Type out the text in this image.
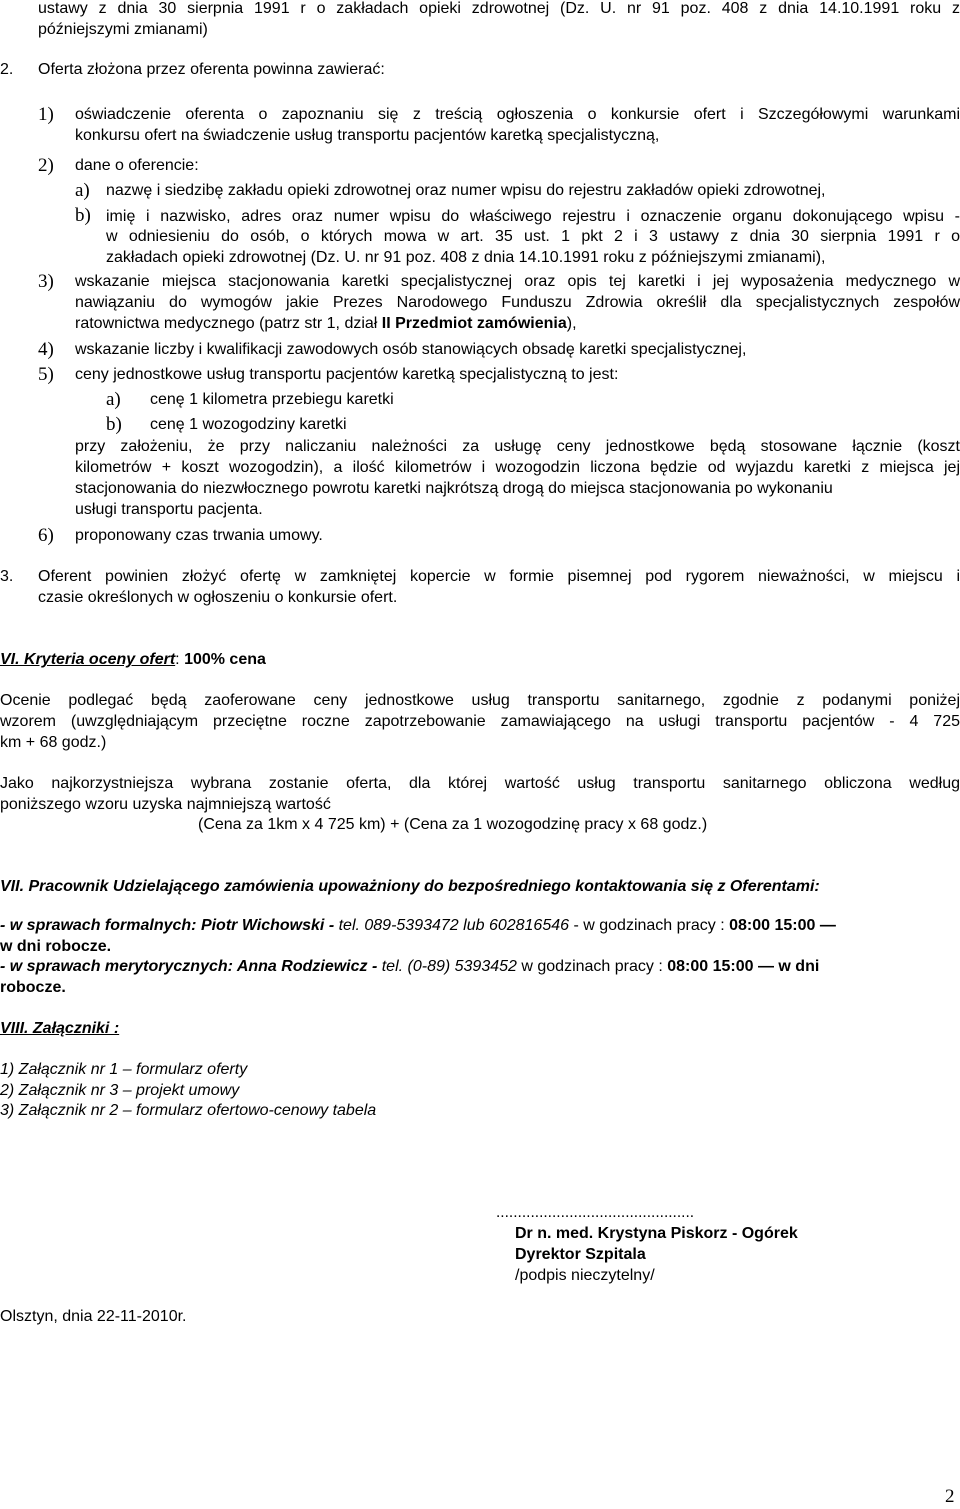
ustawy z dnia 30 sierpnia 1991 r o zakładach opieki zdrowotnej (Dz. U. nr 91 poz. 408 z dnia 14.10.1991 roku z
późniejszymi zmianami)
2. Oferta złożona przez oferenta powinna zawierać:
1) oświadczenie oferenta o zapoznaniu się z treścią ogłoszenia o konkursie ofert i Szczegółowymi warunkami
konkursu ofert na świadczenie usług transportu pacjentów karetką specjalistyczną,
2) dane o oferencie:
a) nazwę i siedzibę zakładu opieki zdrowotnej oraz numer wpisu do rejestru zakładów opieki zdrowotnej,
b) imię i nazwisko, adres oraz numer wpisu do właściwego rejestru i oznaczenie organu dokonującego wpisu -
w odniesieniu do osób, o których mowa w art. 35 ust. 1 pkt 2 i 3 ustawy z dnia 30 sierpnia 1991 r o
zakładach opieki zdrowotnej (Dz. U. nr 91 poz. 408 z dnia 14.10.1991 roku z późniejszymi zmianami),
3) wskazanie miejsca stacjonowania karetki specjalistycznej oraz opis tej karetki i jej wyposażenia medycznego w
nawiązaniu do wymogów jakie Prezes Narodowego Funduszu Zdrowia określił dla specjalistycznych zespołów
ratownictwa medycznego (patrz str 1, dział II Przedmiot zamówienia),
4) wskazanie liczby i kwalifikacji zawodowych osób stanowiących obsadę karetki specjalistycznej,
5) ceny jednostkowe usług transportu pacjentów karetką specjalistyczną to jest:
a) cenę 1 kilometra przebiegu karetki
b) cenę 1 wozogodziny karetki
przy założeniu, że przy naliczaniu należności za usługę ceny jednostkowe będą stosowane łącznie (koszt
kilometrów + koszt wozogodzin), a ilość kilometrów i wozogodzin liczona będzie od wyjazdu karetki z miejsca jej
stacjonowania do niezwłocznego powrotu karetki najkrótszą drogą do miejsca stacjonowania po wykonaniu
usługi transportu pacjenta.
6) proponowany czas trwania umowy.
3. Oferent powinien złożyć ofertę w zamkniętej kopercie w formie pisemnej pod rygorem nieważności, w miejscu i
czasie określonych w ogłoszeniu o konkursie ofert.
VI. Kryteria oceny ofert: 100% cena
Ocenie podlegać będą zaoferowane ceny jednostkowe usług transportu sanitarnego, zgodnie z podanymi poniżej
wzorem (uwzględniającym przeciętne roczne zapotrzebowanie zamawiającego na usługi transportu pacjentów - 4 725
km + 68 godz.)
Jako najkorzystniejsza wybrana zostanie oferta, dla której wartość usług transportu sanitarnego obliczona według
poniższego wzoru uzyska najmniejszą wartość
(Cena za 1km x 4 725 km) + (Cena za 1 wozogodzinę pracy x 68 godz.)
VII. Pracownik Udzielającego zamówienia upoważniony do bezpośredniego kontaktowania się z Oferentami:
- w sprawach formalnych: Piotr Wichowski - tel. 089-5393472 lub 602816546 - w godzinach pracy : 08:00 15:00 —
w dni robocze.
- w sprawach merytorycznych: Anna Rodziewicz - tel. (0-89) 5393452 w godzinach pracy : 08:00 15:00 — w dni
robocze.
VIII. Załączniki :
1) Załącznik nr 1 – formularz oferty
2) Załącznik nr 3 – projekt umowy
3) Załącznik nr 2 – formularz ofertowo-cenowy tabela
..............................................
Dr n. med. Krystyna Piskorz - Ogórek
Dyrektor Szpitala
/podpis nieczytelny/
Olsztyn, dnia 22-11-2010r.
2
